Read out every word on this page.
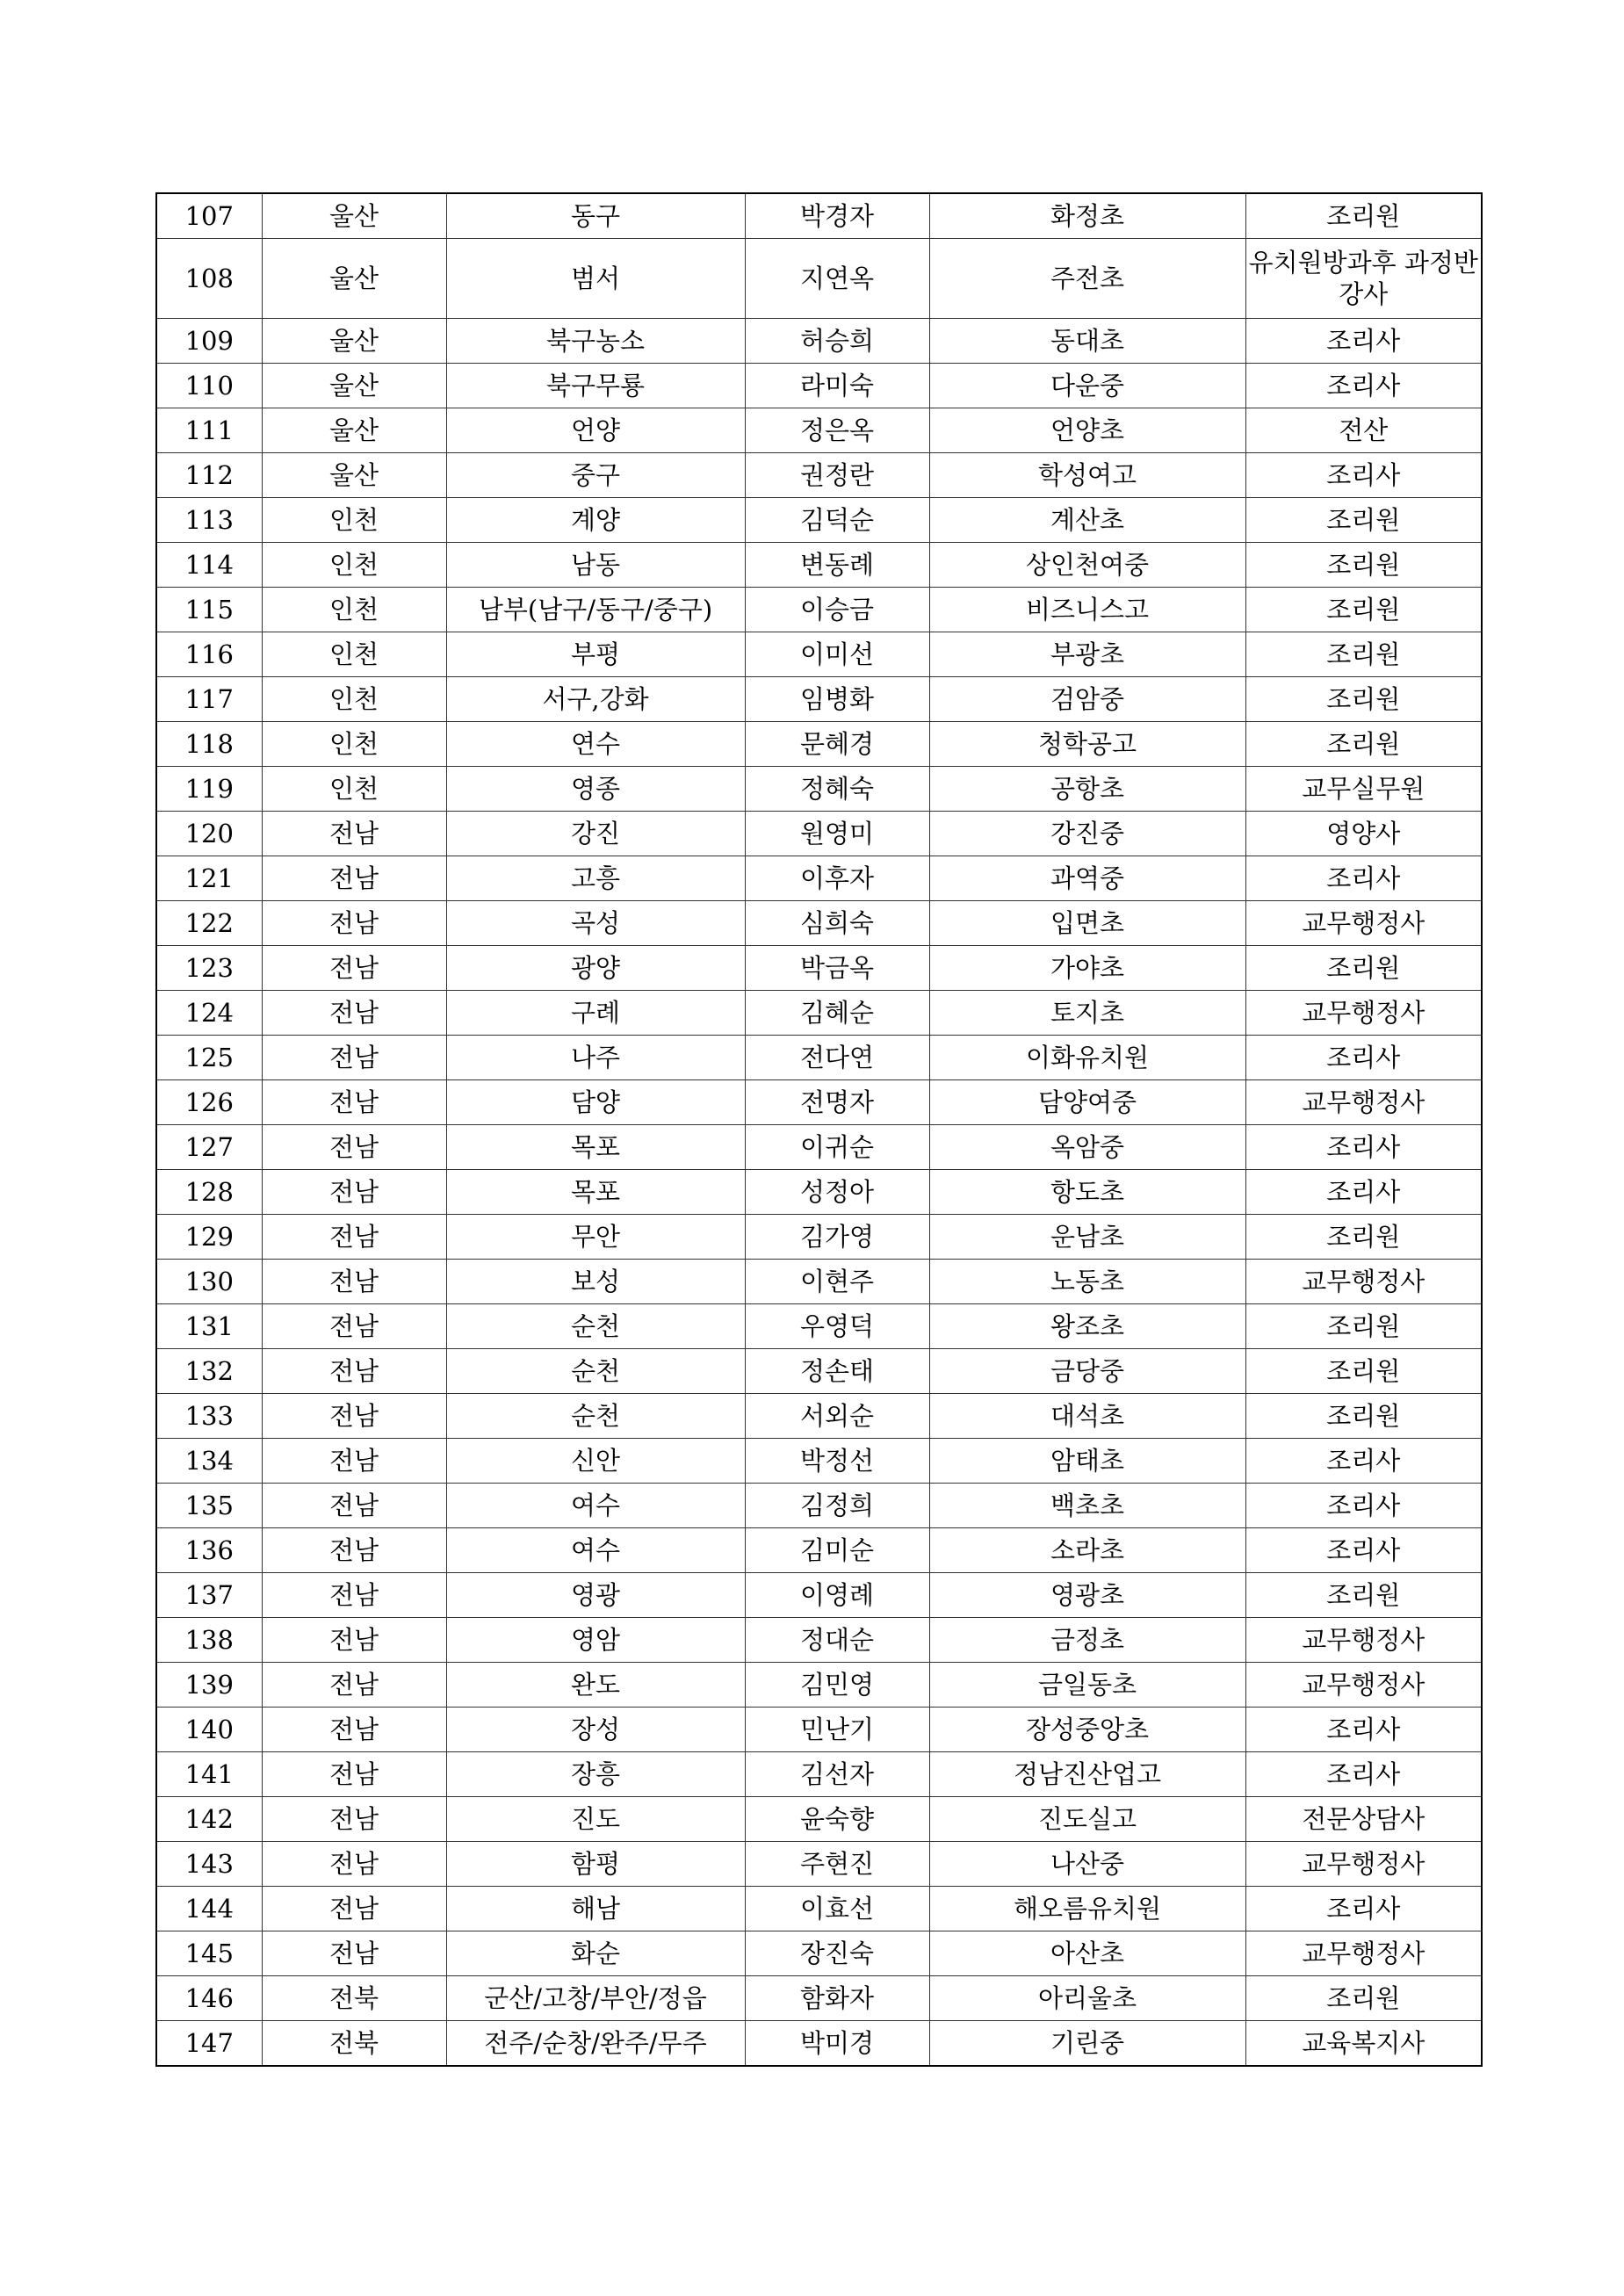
107	울산	동구	박경자	화정초	조리원
108	울산	범서	지연옥	주전초	유치원방과후 과정반강사
109	울산	북구농소	허승희	동대초	조리사
110	울산	북구무룡	라미숙	다운중	조리사
111	울산	언양	정은옥	언양초	전산
112	울산	중구	권정란	학성여고	조리사
113	인천	계양	김덕순	계산초	조리원
114	인천	남동	변동례	상인천여중	조리원
115	인천	남부(남구/동구/중구)	이승금	비즈니스고	조리원
116	인천	부평	이미선	부광초	조리원
117	인천	서구,강화	임병화	검암중	조리원
118	인천	연수	문혜경	청학공고	조리원
119	인천	영종	정혜숙	공항초	교무실무원
120	전남	강진	원영미	강진중	영양사
121	전남	고흥	이후자	과역중	조리사
122	전남	곡성	심희숙	입면초	교무행정사
123	전남	광양	박금옥	가야초	조리원
124	전남	구례	김혜순	토지초	교무행정사
125	전남	나주	전다연	이화유치원	조리사
126	전남	담양	전명자	담양여중	교무행정사
127	전남	목포	이귀순	옥암중	조리사
128	전남	목포	성정아	항도초	조리사
129	전남	무안	김가영	운남초	조리원
130	전남	보성	이현주	노동초	교무행정사
131	전남	순천	우영덕	왕조초	조리원
132	전남	순천	정손태	금당중	조리원
133	전남	순천	서외순	대석초	조리원
134	전남	신안	박정선	암태초	조리사
135	전남	여수	김정희	백초초	조리사
136	전남	여수	김미순	소라초	조리사
137	전남	영광	이영례	영광초	조리원
138	전남	영암	정대순	금정초	교무행정사
139	전남	완도	김민영	금일동초	교무행정사
140	전남	장성	민난기	장성중앙초	조리사
141	전남	장흥	김선자	정남진산업고	조리사
142	전남	진도	윤숙향	진도실고	전문상담사
143	전남	함평	주현진	나산중	교무행정사
144	전남	해남	이효선	해오름유치원	조리사
145	전남	화순	장진숙	아산초	교무행정사
146	전북	군산/고창/부안/정읍	함화자	아리울초	조리원
147	전북	전주/순창/완주/무주	박미경	기린중	교육복지사
